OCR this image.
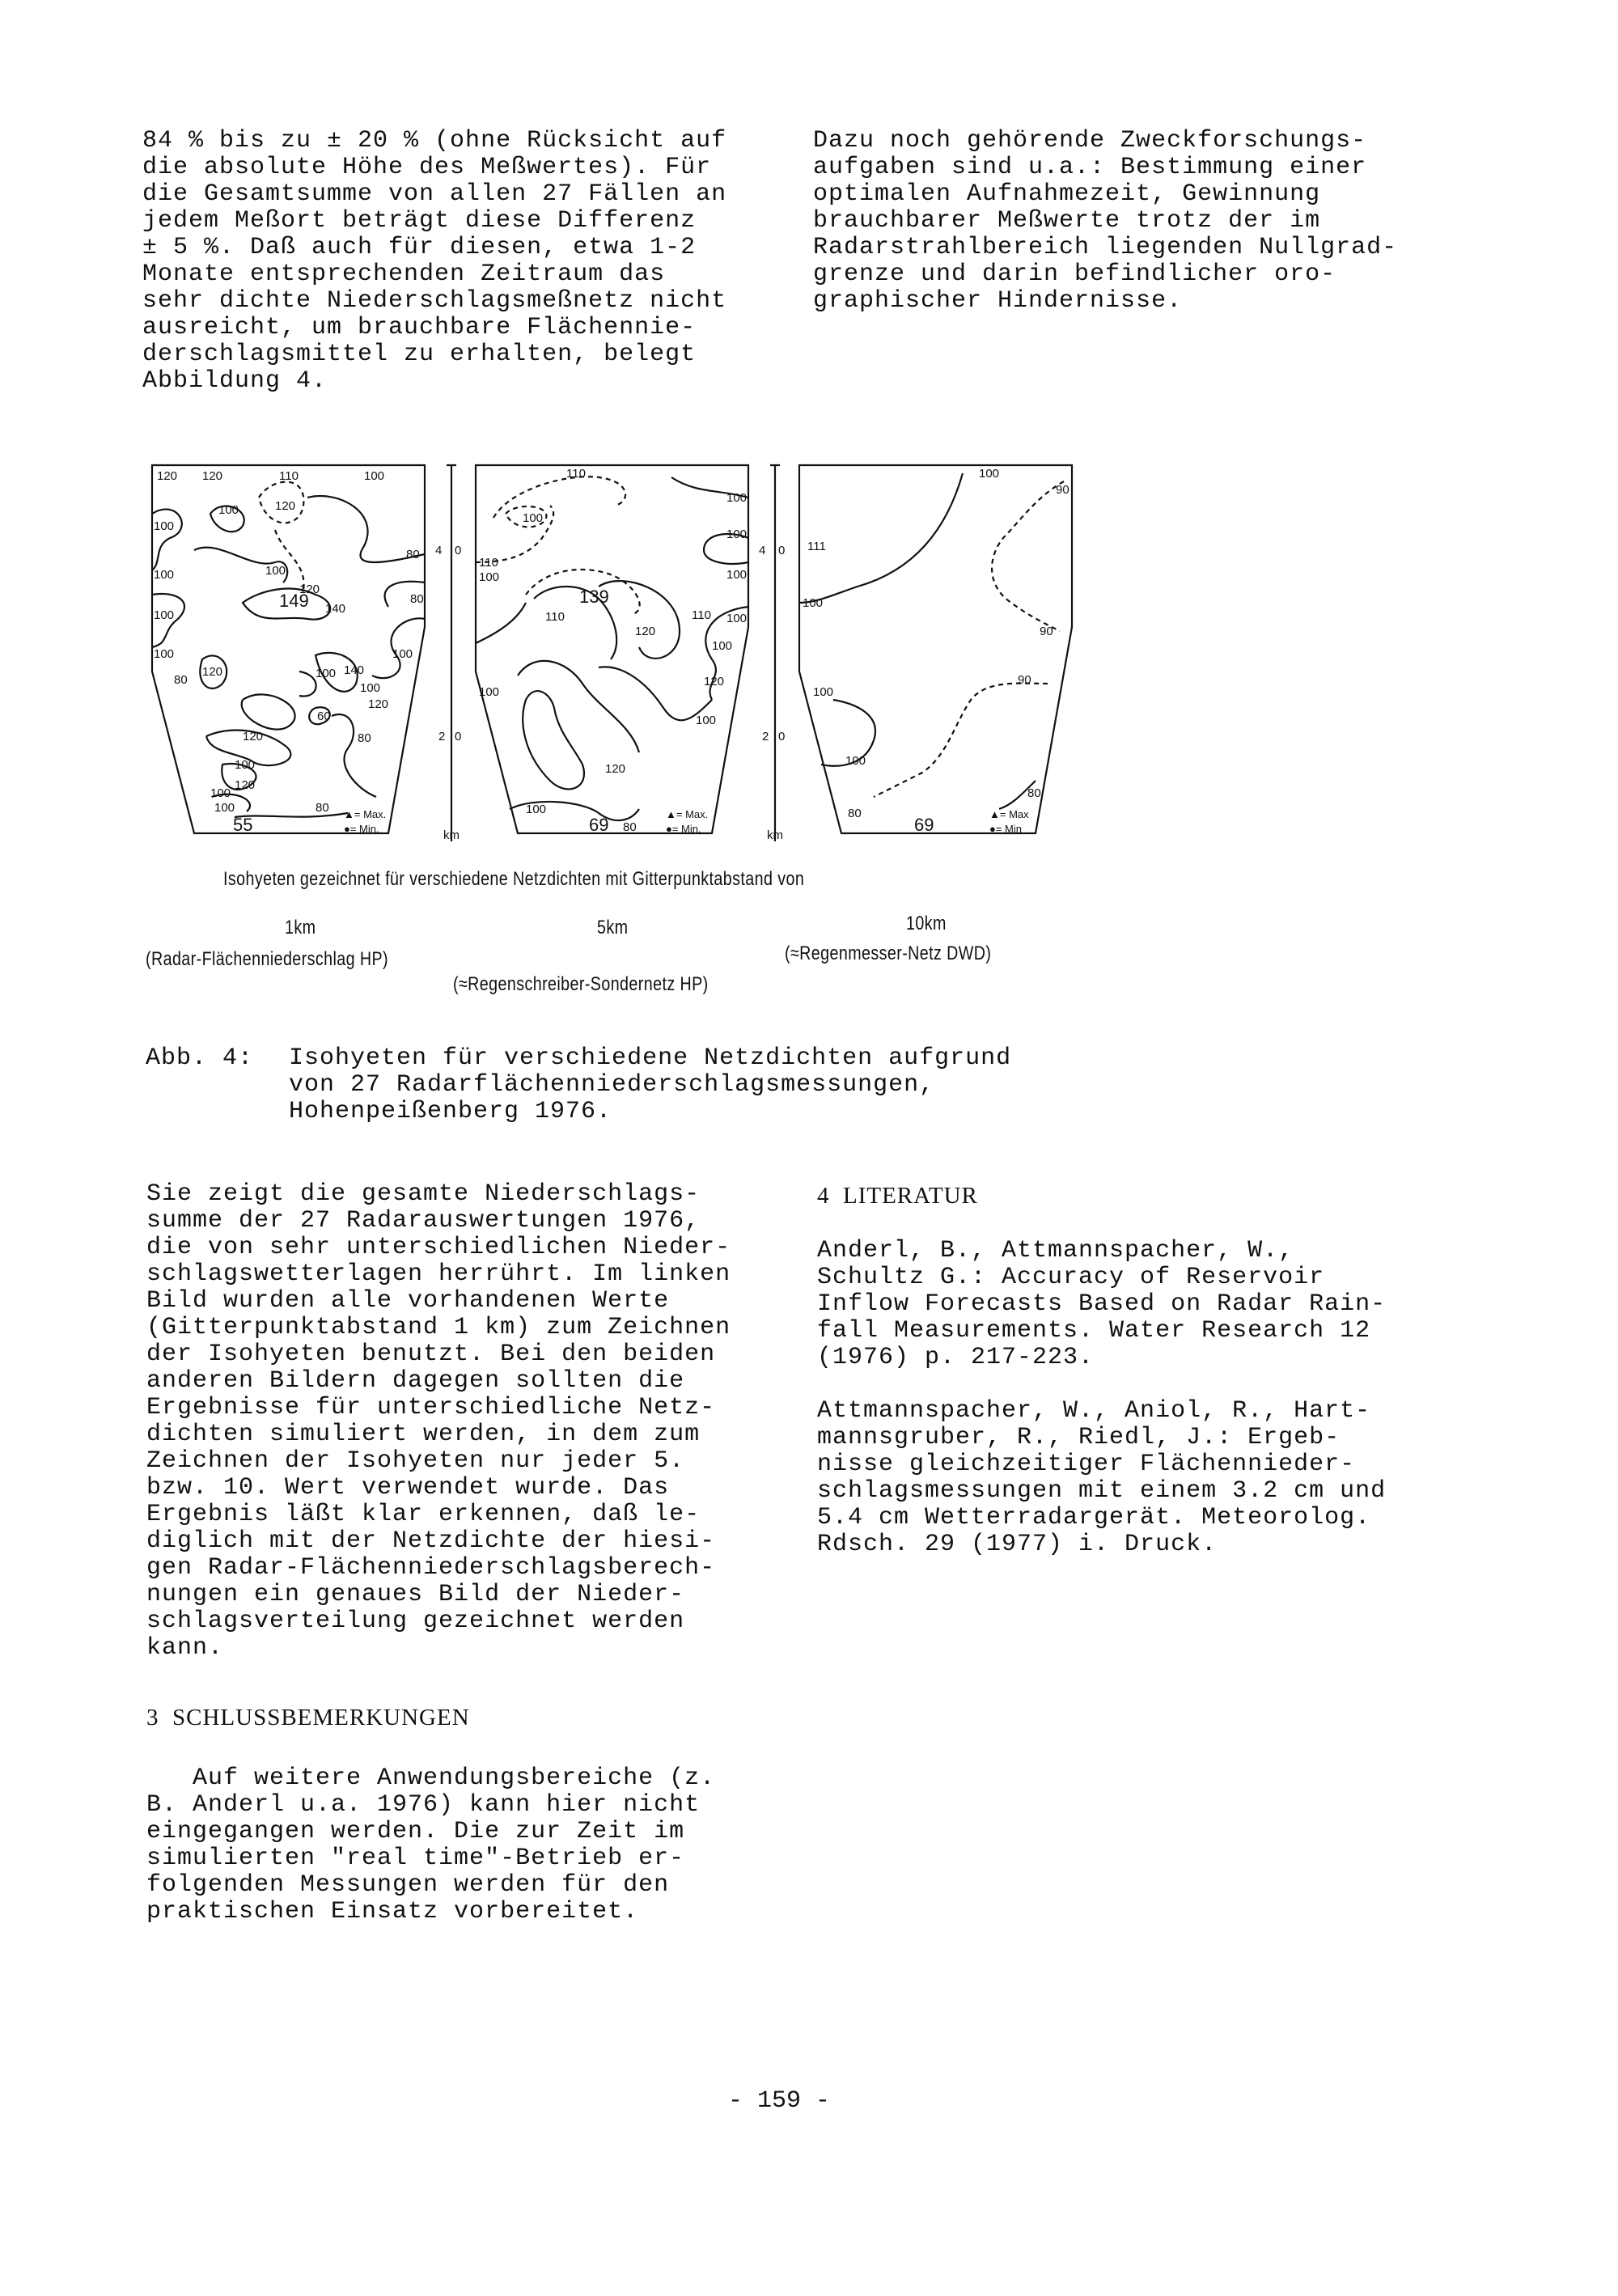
84 % bis zu ± 20 % (ohne Rücksicht auf
die absolute Höhe des Meßwertes). Für
die Gesamtsumme von allen 27 Fällen an
jedem Meßort beträgt diese Differenz
± 5 %. Daß auch für diesen, etwa 1-2
Monate entsprechenden Zeitraum das
sehr dichte Niederschlagsmeßnetz nicht
ausreicht, um brauchbare Flächennie-
derschlagsmittel zu erhalten, belegt
Abbildung 4.
Dazu noch gehörende Zweckforschungs-
aufgaben sind u.a.: Bestimmung einer
optimalen Aufnahmezeit, Gewinnung
brauchbarer Meßwerte trotz der im
Radarstrahlbereich liegenden Nullgrad-
grenze und darin befindlicher oro-
graphischer Hindernisse.
120 120	110	100
100
100
120
100
80
100
120
80
149 140
100
100	100
140
120	100
100
120
80
60
80
120
100
100
120
100	80
55
4 0
2 0
km
▲= Max.
●= Min.
110
100
100
100
110
100	100
139
110	100
120
110
100
120
100
120
100
100
69 80
4 0
2 0
km
▲= Max.
●= Min.
100
90
111
100
90
100
90
100
80
80
69
▲= Max
●= Min
Isohyeten gezeichnet für verschiedene Netzdichten mit Gitterpunktabstand von
1km	5km	10km
(Radar-Flächenniederschlag HP)	(≈Regenmesser-Netz DWD)
(≈Regenschreiber-Sondernetz HP)
Abb. 4: Isohyeten für verschiedene Netzdichten aufgrund
von 27 Radarflächenniederschlagsmessungen,
Hohenpeißenberg 1976.
Sie zeigt die gesamte Niederschlags-
summe der 27 Radarauswertungen 1976,
die von sehr unterschiedlichen Nieder-
schlagswetterlagen herrührt. Im linken
Bild wurden alle vorhandenen Werte
(Gitterpunktabstand 1 km) zum Zeichnen
der Isohyeten benutzt. Bei den beiden
anderen Bildern dagegen sollten die
Ergebnisse für unterschiedliche Netz-
dichten simuliert werden, in dem zum
Zeichnen der Isohyeten nur jeder 5.
bzw. 10. Wert verwendet wurde. Das
Ergebnis läßt klar erkennen, daß le-
diglich mit der Netzdichte der hiesi-
gen Radar-Flächenniederschlagsberech-
nungen ein genaues Bild der Nieder-
schlagsverteilung gezeichnet werden
kann.
3  SCHLUSSBEMERKUNGEN
Auf weitere Anwendungsbereiche (z.
B. Anderl u.a. 1976) kann hier nicht
eingegangen werden. Die zur Zeit im
simulierten "real time"-Betrieb er-
folgenden Messungen werden für den
praktischen Einsatz vorbereitet.
4  LITERATUR
Anderl, B., Attmannspacher, W.,
Schultz G.: Accuracy of Reservoir
Inflow Forecasts Based on Radar Rain-
fall Measurements. Water Research 12
(1976) p. 217-223.
Attmannspacher, W., Aniol, R., Hart-
mannsgruber, R., Riedl, J.: Ergeb-
nisse gleichzeitiger Flächennieder-
schlagsmessungen mit einem 3.2 cm und
5.4 cm Wetterradargerät. Meteorolog.
Rdsch. 29 (1977) i. Druck.
- 159 -
